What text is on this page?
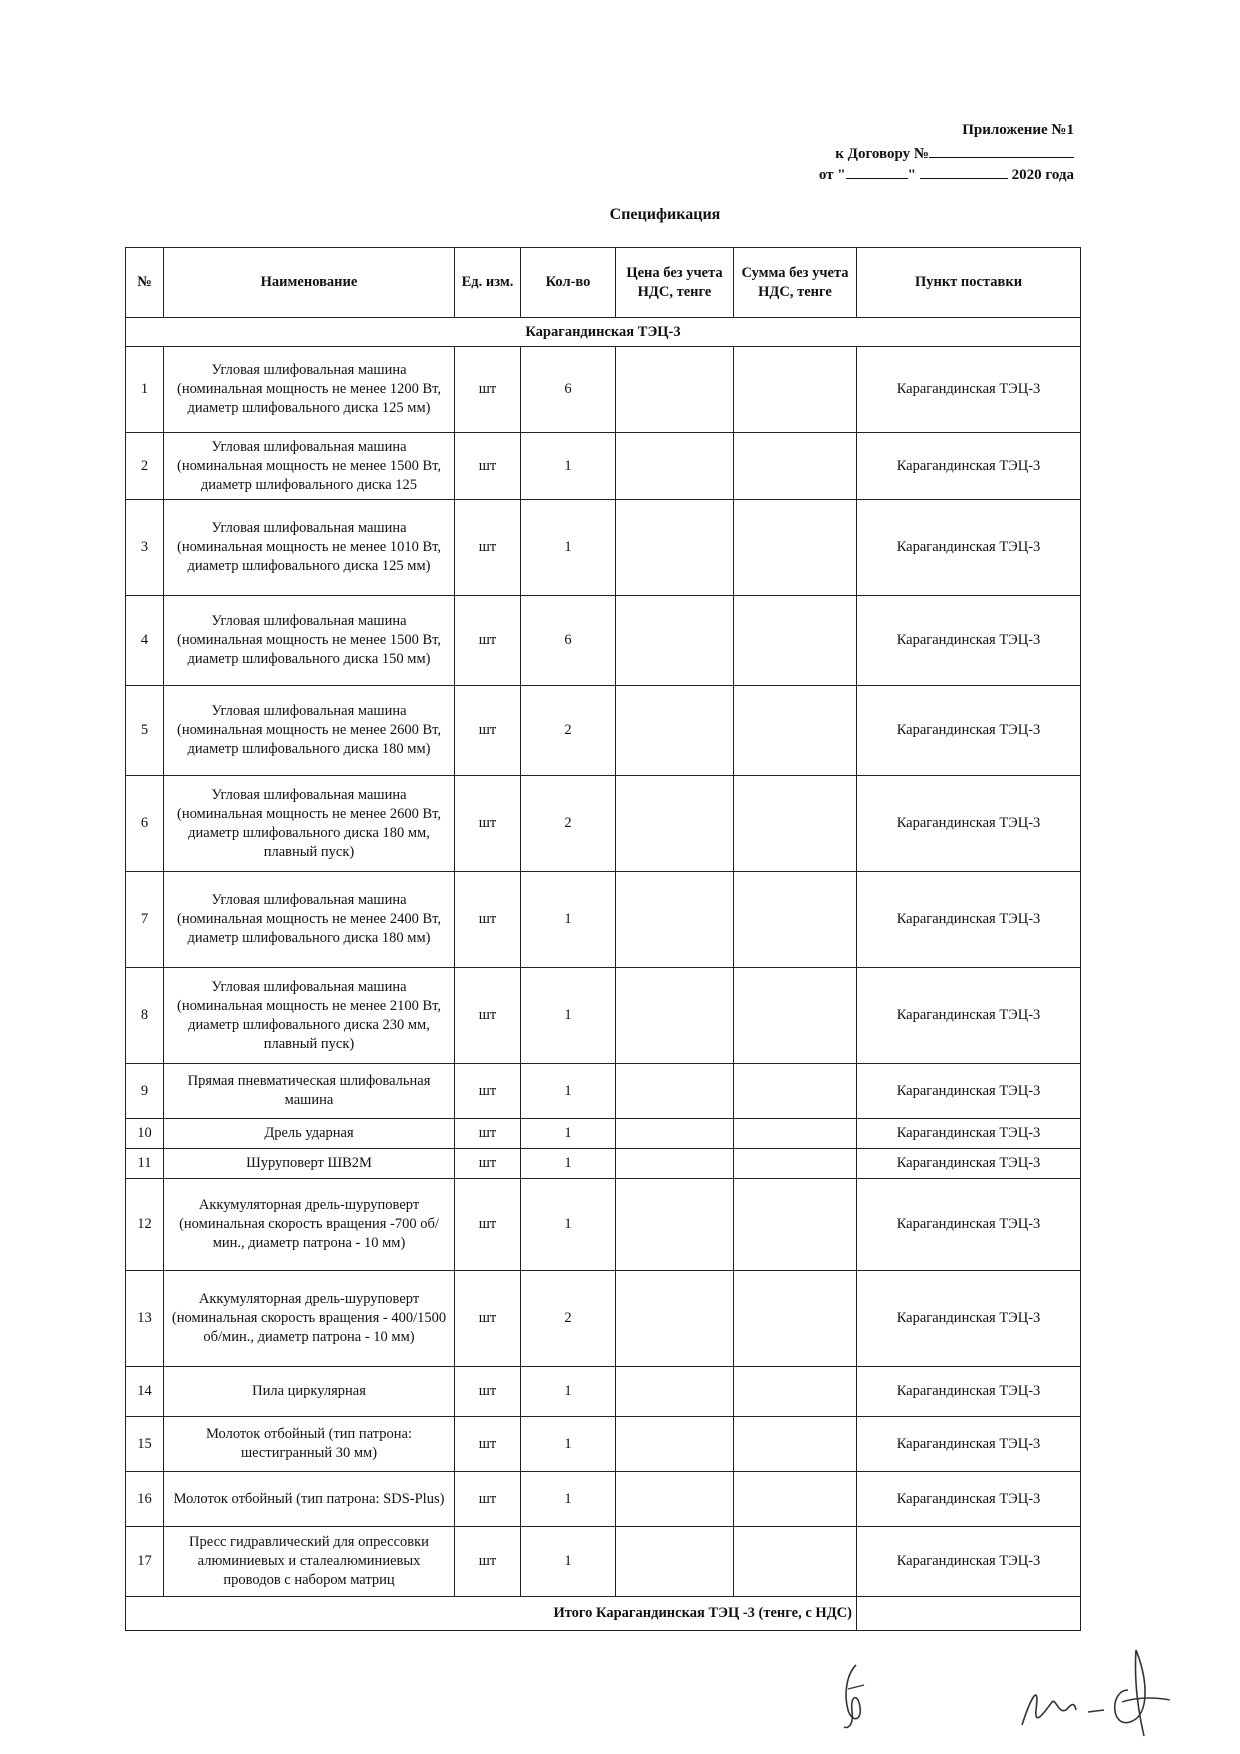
Приложение №1
к Договору №
от "	"	2020 года
Спецификация
№	Наименование	Ед. изм.	Кол-во	Цена без учета НДС, тенге	Сумма без учета НДС, тенге	Пункт поставки
Карагандинская ТЭЦ-3						
1	Угловая шлифовальная машина (номинальная мощность не менее 1200 Вт, диаметр шлифовального диска 125 мм)	шт	6			Карагандинская ТЭЦ-3
2	Угловая шлифовальная машина (номинальная мощность не менее 1500 Вт, диаметр шлифовального диска 125	шт	1			Карагандинская ТЭЦ-3
3	Угловая шлифовальная машина (номинальная мощность не менее 1010 Вт, диаметр шлифовального диска 125 мм)	шт	1			Карагандинская ТЭЦ-3
4	Угловая шлифовальная машина (номинальная мощность не менее 1500 Вт, диаметр шлифовального диска 150 мм)	шт	6			Карагандинская ТЭЦ-3
5	Угловая шлифовальная машина (номинальная мощность не менее 2600 Вт, диаметр шлифовального диска 180 мм)	шт	2			Карагандинская ТЭЦ-3
6	Угловая шлифовальная машина (номинальная мощность не менее 2600 Вт, диаметр шлифовального диска 180 мм, плавный пуск)	шт	2			Карагандинская ТЭЦ-3
7	Угловая шлифовальная машина (номинальная мощность не менее 2400 Вт, диаметр шлифовального диска 180 мм)	шт	1			Карагандинская ТЭЦ-3
8	Угловая шлифовальная машина (номинальная мощность не менее 2100 Вт, диаметр шлифовального диска 230 мм, плавный пуск)	шт	1			Карагандинская ТЭЦ-3
9	Прямая пневматическая шлифовальная машина	шт	1			Карагандинская ТЭЦ-3
10	Дрель ударная	шт	1			Карагандинская ТЭЦ-3
11	Шуруповерт ШВ2М	шт	1			Карагандинская ТЭЦ-3
12	Аккумуляторная дрель-шуруповерт (номинальная скорость вращения -700 об/мин., диаметр патрона - 10 мм)	шт	1			Карагандинская ТЭЦ-3
13	Аккумуляторная дрель-шуруповерт (номинальная скорость вращения - 400/1500 об/мин., диаметр патрона - 10 мм)	шт	2			Карагандинская ТЭЦ-3
14	Пила циркулярная	шт	1			Карагандинская ТЭЦ-3
15	Молоток отбойный (тип патрона: шестигранный 30 мм)	шт	1			Карагандинская ТЭЦ-3
16	Молоток отбойный (тип патрона: SDS-Plus)	шт	1			Карагандинская ТЭЦ-3
17	Пресс гидравлический для опрессовки алюминиевых и сталеалюминиевых проводов с набором матриц	шт	1			Карагандинская ТЭЦ-3
Итого Карагандинская ТЭЦ -3 (тенге, с НДС)						
